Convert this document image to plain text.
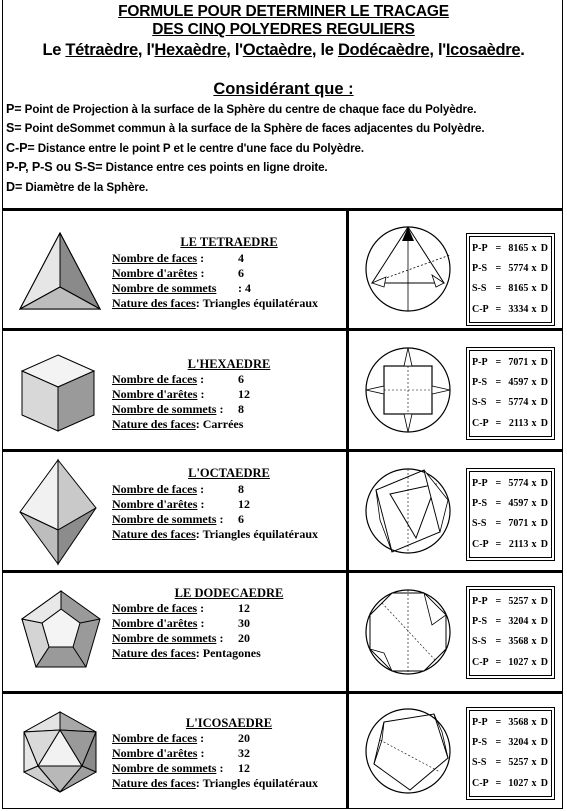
FORMULE POUR DETERMINER LE TRACAGE
DES CINQ POLYEDRES REGULIERS
Le Tétraèdre, l'Hexaèdre, l'Octaèdre, le Dodécaèdre, l'Icosaèdre.
Considérant que :
P= Point de Projection à la surface de la Sphère du centre de chaque face du Polyèdre.
S= Point deSommet commun à la surface de la Sphère de faces adjacentes du Polyèdre.
C-P= Distance entre le point P et le centre d'une face du Polyèdre.
P-P, P-S ou S-S= Distance entre ces points en ligne droite.
D= Diamètre de la Sphère.
LE TETRAEDRE
Nombre de faces :	4
Nombre d'arêtes :	6
Nombre de sommets : 4
Nature des faces: Triangles équilatéraux
P-P = 8165 x D
P-S = 5774 x D
S-S = 8165 x D
C-P = 3334 x D
L'HEXAEDRE
Nombre de faces :	6
Nombre d'arêtes :	12
Nombre de sommets : 8
Nature des faces: Carrées
P-P = 7071 x D
P-S = 4597 x D
S-S = 5774 x D
C-P = 2113 x D
L'OCTAEDRE
Nombre de faces :	8
Nombre d'arêtes :	12
Nombre de sommets : 6
Nature des faces: Triangles équilatéraux
P-P = 5774 x D
P-S = 4597 x D
S-S = 7071 x D
C-P = 2113 x D
LE DODECAEDRE
Nombre de faces :	12
Nombre d'arêtes :	30
Nombre de sommets : 20
Nature des faces: Pentagones
P-P = 5257 x D
P-S = 3204 x D
S-S = 3568 x D
C-P = 1027 x D
L'ICOSAEDRE
Nombre de faces :	20
Nombre d'arêtes :	32
Nombre de sommets : 12
Nature des faces: Triangles équilatéraux
P-P = 3568 x D
P-S = 3204 x D
S-S = 5257 x D
C-P = 1027 x D
